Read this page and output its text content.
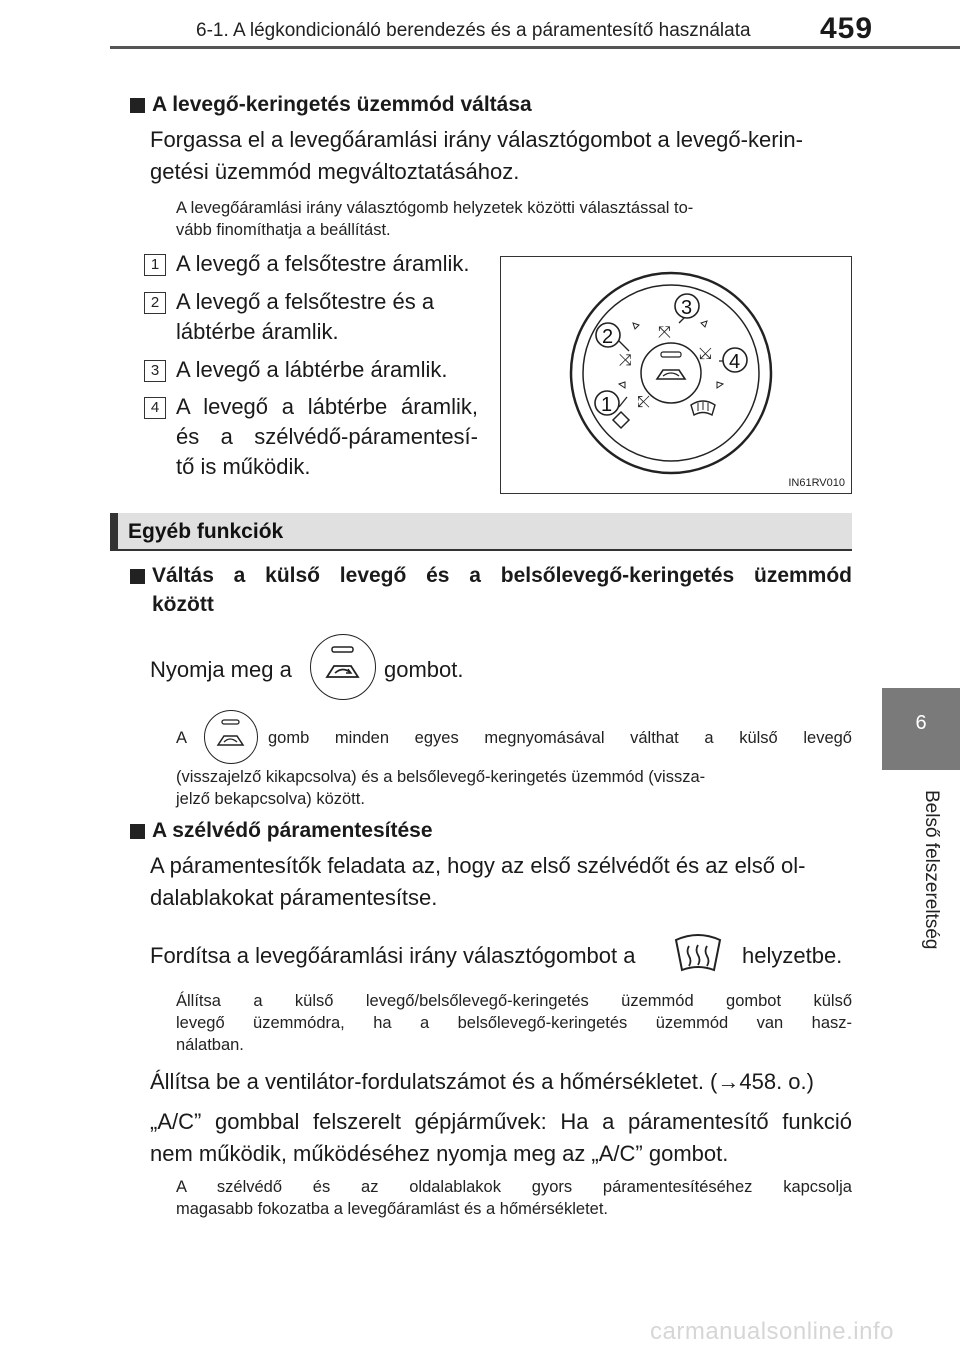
6-1. A légkondicionáló berendezés és a páramentesítő használata 459
6
Belső felszereltség
A levegő-keringetés üzemmód váltása
Forgassa el a levegőáramlási irány választógombot a levegő-kerin-
getési üzemmód megváltoztatásához.
A levegőáramlási irány választógomb helyzetek közötti választással to-
vább finomíthatja a beállítást.
1 A levegő a felsőtestre áramlik.
2 A levegő a felsőtestre és a
lábtérbe áramlik.
3 A levegő a lábtérbe áramlik.
4 A levegő a lábtérbe áramlik,
és a szélvédő-páramentesí-
tő is működik.
⤧
⤨	⤩
⤪
3
2
4
1
IN61RV010
Egyéb funkciók
Váltás a külső levegő és a belsőlevegő-keringetés üzemmód
között
Nyomja meg a	gombot.
A	gomb minden egyes megnyomásával válthat a külső levegő
(visszajelző kikapcsolva) és a belsőlevegő-keringetés üzemmód (vissza-
jelző bekapcsolva) között.
A szélvédő páramentesítése
A páramentesítők feladata az, hogy az első szélvédőt és az első ol-
dalablakokat páramentesítse.
Fordítsa a levegőáramlási irány választógombot a	helyzetbe.
Állítsa a külső levegő/belsőlevegő-keringetés üzemmód gombot külső
levegő üzemmódra, ha a belsőlevegő-keringetés üzemmód van hasz-
nálatban.
Állítsa be a ventilátor-fordulatszámot és a hőmérsékletet. (→458. o.)
„A/C” gombbal felszerelt gépjárművek: Ha a páramentesítő funkció
nem működik, működéséhez nyomja meg az „A/C” gombot.
A szélvédő és az oldalablakok gyors páramentesítéséhez kapcsolja
magasabb fokozatba a levegőáramlást és a hőmérsékletet.
carmanualsonline.info
